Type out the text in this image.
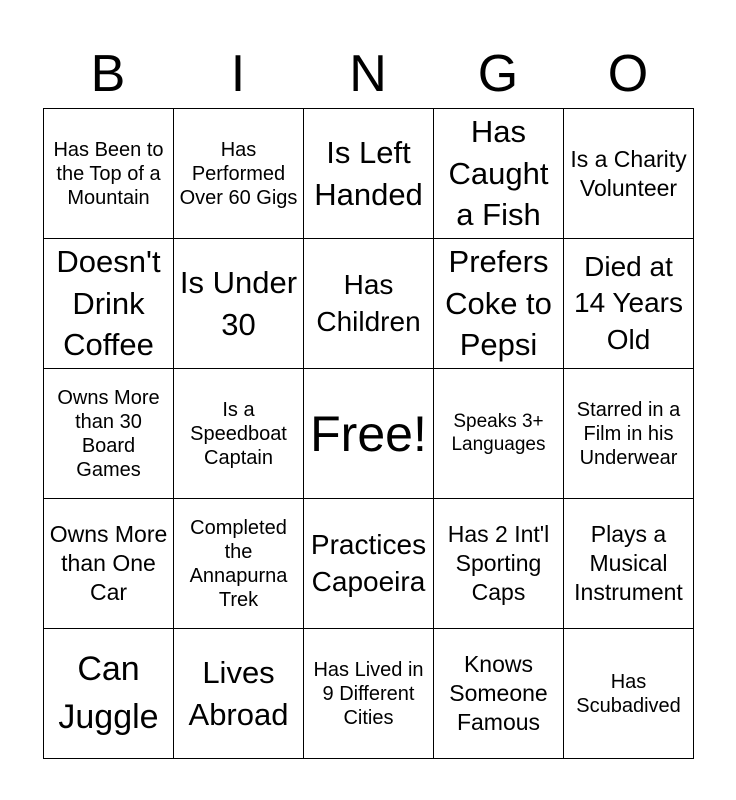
B	I	N	G	O
Has Been to the Top of a Mountain	Has Performed Over 60 Gigs	Is Left Handed	Has Caught a Fish	Is a Charity Volunteer
Doesn't Drink Coffee	Is Under 30	Has Children	Prefers Coke to Pepsi	Died at 14 Years Old
Owns More than 30 Board Games	Is a Speedboat Captain	Free!	Speaks 3+ Languages	Starred in a Film in his Underwear
Owns More than One Car	Completed the Annapurna Trek	Practices Capoeira	Has 2 Int'l Sporting Caps	Plays a Musical Instrument
Can Juggle	Lives Abroad	Has Lived in 9 Different Cities	Knows Someone Famous	Has Scubadived
